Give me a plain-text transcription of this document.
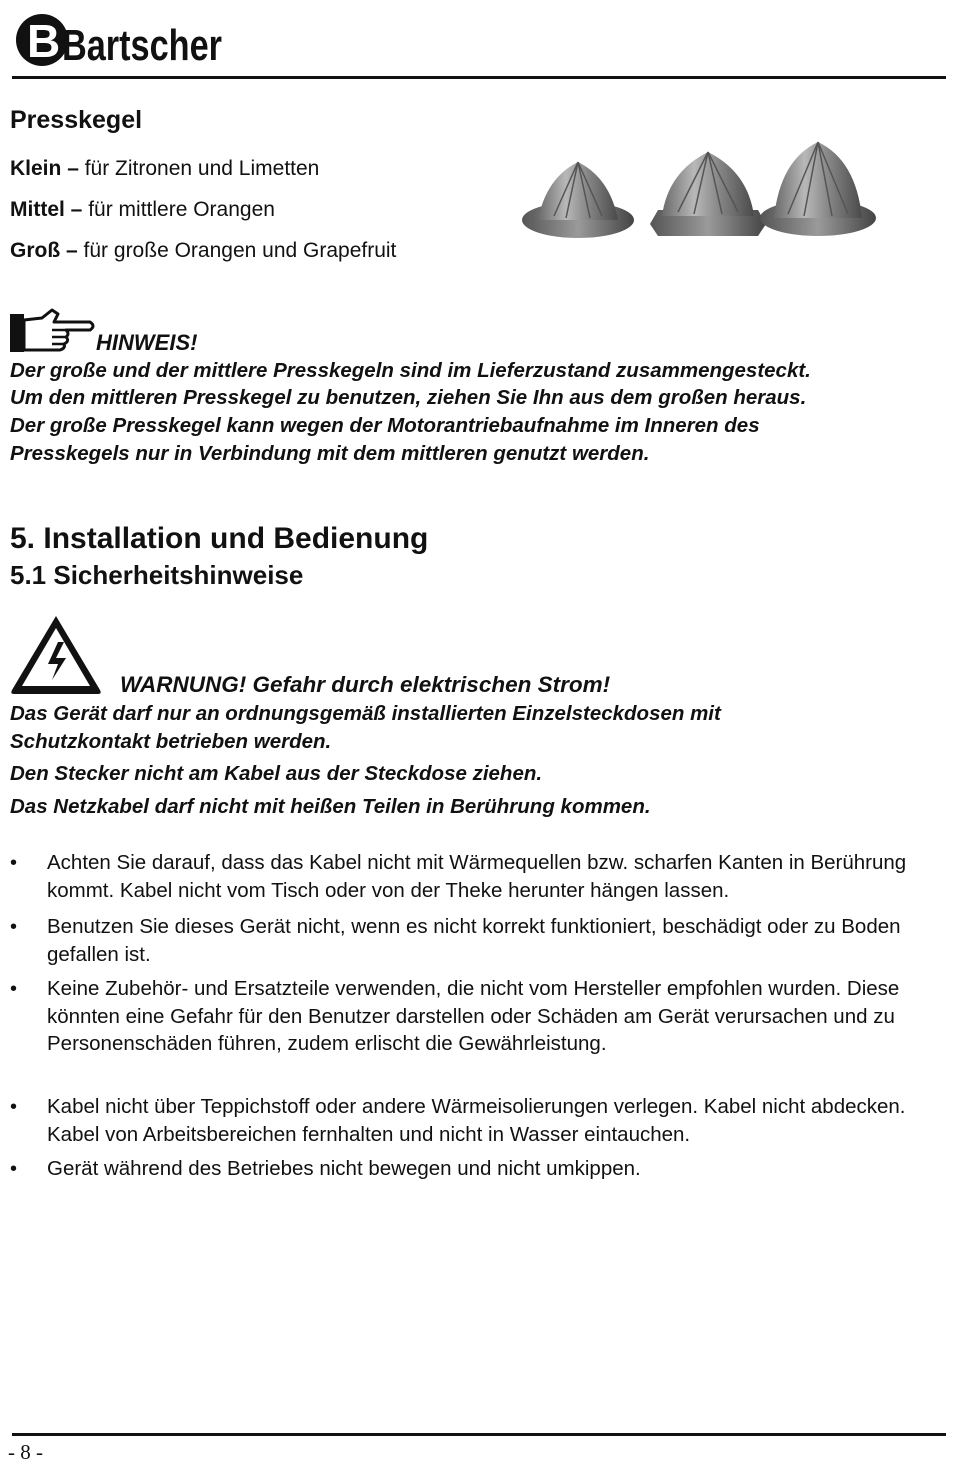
B Bartscher
Presskegel
Klein – für Zitronen und Limetten
Mittel – für mittlere Orangen
Groß – für große Orangen und Grapefruit
HINWEIS!
Der große und der mittlere Presskegeln sind im Lieferzustand zusammengesteckt.
Um den mittleren Presskegel zu benutzen, ziehen Sie Ihn aus dem großen heraus.
Der große Presskegel kann wegen der Motorantriebaufnahme im Inneren des
Presskegels nur in Verbindung mit dem mittleren genutzt werden.
5. Installation und Bedienung
5.1 Sicherheitshinweise
WARNUNG! Gefahr durch elektrischen Strom!
Das Gerät darf nur an ordnungsgemäß installierten Einzelsteckdosen mit
Schutzkontakt betrieben werden.
Den Stecker nicht am Kabel aus der Steckdose ziehen.
Das Netzkabel darf nicht mit heißen Teilen in Berührung kommen.
• Achten Sie darauf, dass das Kabel nicht mit Wärmequellen bzw. scharfen Kanten in Berührung kommt. Kabel nicht vom Tisch oder von der Theke herunter hängen lassen.
• Benutzen Sie dieses Gerät nicht, wenn es nicht korrekt funktioniert, beschädigt oder zu Boden gefallen ist.
• Keine Zubehör- und Ersatzteile verwenden, die nicht vom Hersteller empfohlen wurden. Diese könnten eine Gefahr für den Benutzer darstellen oder Schäden am Gerät verursachen und zu Personenschäden führen, zudem erlischt die Gewährleistung.
• Kabel nicht über Teppichstoff oder andere Wärmeisolierungen verlegen. Kabel nicht abdecken. Kabel von Arbeitsbereichen fernhalten und nicht in Wasser eintauchen.
• Gerät während des Betriebes nicht bewegen und nicht umkippen.
- 8 -
